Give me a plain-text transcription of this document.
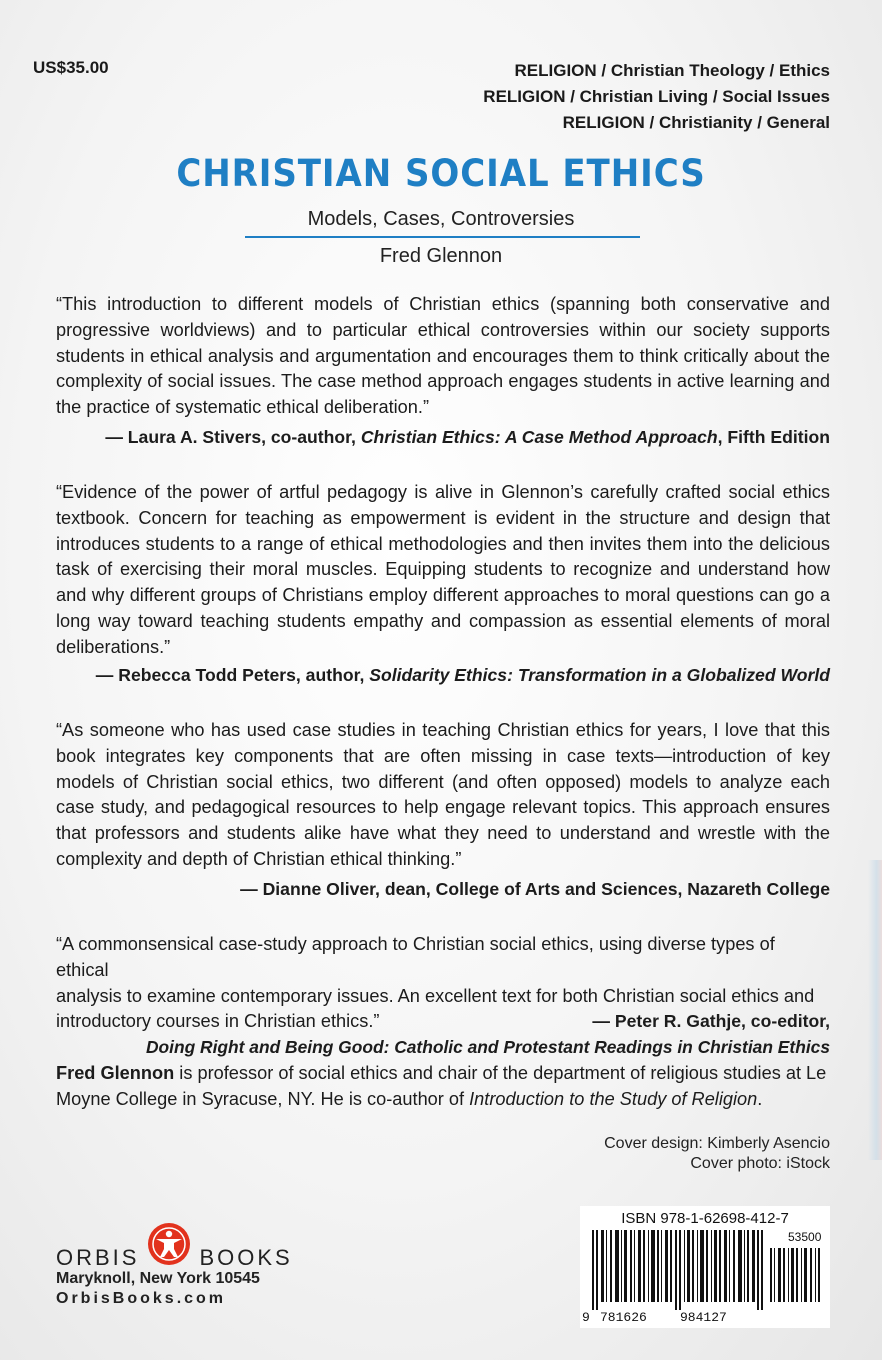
US$35.00	RELIGION / Christian Theology / Ethics
RELIGION / Christian Living / Social Issues
RELIGION / Christianity / General
CHRISTIAN SOCIAL ETHICS
Models, Cases, Controversies
Fred Glennon
“This introduction to different models of Christian ethics (spanning both conservative and progressive worldviews) and to particular ethical controversies within our society supports students in ethical analysis and argumentation and encourages them to think critically about the complexity of social issues. The case method approach engages students in active learning and the practice of systematic ethical deliberation.”
— Laura A. Stivers, co-author, Christian Ethics: A Case Method Approach, Fifth Edition
“Evidence of the power of artful pedagogy is alive in Glennon’s carefully crafted social ethics textbook. Concern for teaching as empowerment is evident in the structure and design that introduces students to a range of ethical methodologies and then invites them into the delicious task of exercising their moral muscles. Equipping students to recognize and understand how and why different groups of Christians employ different approaches to moral questions can go a long way toward teaching students empathy and compassion as essential elements of moral deliberations.”
— Rebecca Todd Peters, author, Solidarity Ethics: Transformation in a Globalized World
“As someone who has used case studies in teaching Christian ethics for years, I love that this book integrates key components that are often missing in case texts—introduction of key models of Christian social ethics, two different (and often opposed) models to analyze each case study, and pedagogical resources to help engage relevant topics. This approach ensures that professors and students alike have what they need to understand and wrestle with the complexity and depth of Christian ethical thinking.”
— Dianne Oliver, dean, College of Arts and Sciences, Nazareth College
“A commonsensical case-study approach to Christian social ethics, using diverse types of ethical
analysis to examine contemporary issues. An excellent text for both Christian social ethics and
introductory courses in Christian ethics.”	— Peter R. Gathje, co-editor,
Doing Right and Being Good: Catholic and Protestant Readings in Christian Ethics
Fred Glennon is professor of social ethics and chair of the department of religious studies at Le Moyne College in Syracuse, NY. He is co-author of Introduction to the Study of Religion.
Cover design: Kimberly Asencio
Cover photo: iStock
ORBIS	BOOKS
Maryknoll, New York 10545
OrbisBooks.com
ISBN 978-1-62698-412-7
53500
9 781626	984127
